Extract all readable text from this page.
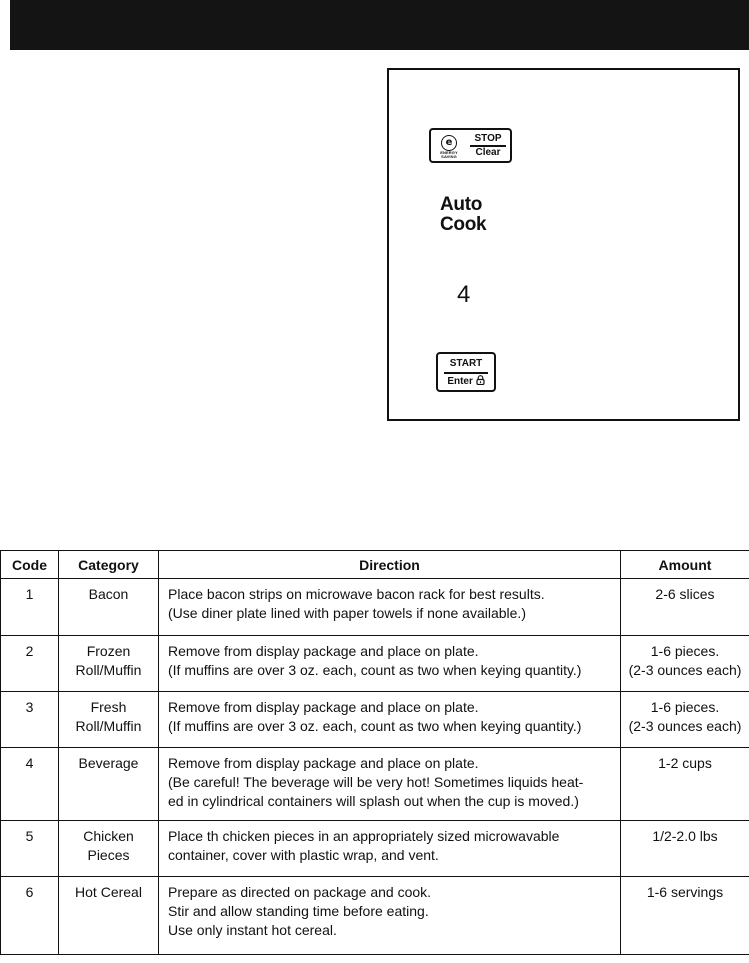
e
ENERGY
SAVING
STOP
Clear
Auto
Cook
4
START
Enter
Code	Category	Direction	Amount
1	Bacon	Place bacon strips on microwave bacon rack for best results.
(Use diner plate lined with paper towels if none available.)	2-6 slices

2	Frozen
Roll/Muffin	Remove from display package and place on plate.
(If muffins are over 3 oz. each, count as two when keying quantity.)	1-6 pieces.
(2-3 ounces each)

3	Fresh
Roll/Muffin	Remove from display package and place on plate.
(If muffins are over 3 oz. each, count as two when keying quantity.)	1-6 pieces.
(2-3 ounces each)

4	Beverage	Remove from display package and place on plate.
(Be careful! The beverage will be very hot! Sometimes liquids heat-
ed in cylindrical containers will splash out when the cup is moved.)	1-2 cups

5	Chicken
Pieces	Place th chicken pieces in an appropriately sized microwavable
container, cover with plastic wrap, and vent.	1/2-2.0 lbs

6	Hot Cereal	Prepare as directed on package and cook.
Stir and allow standing time before eating.
Use only instant hot cereal.	1-6 servings
